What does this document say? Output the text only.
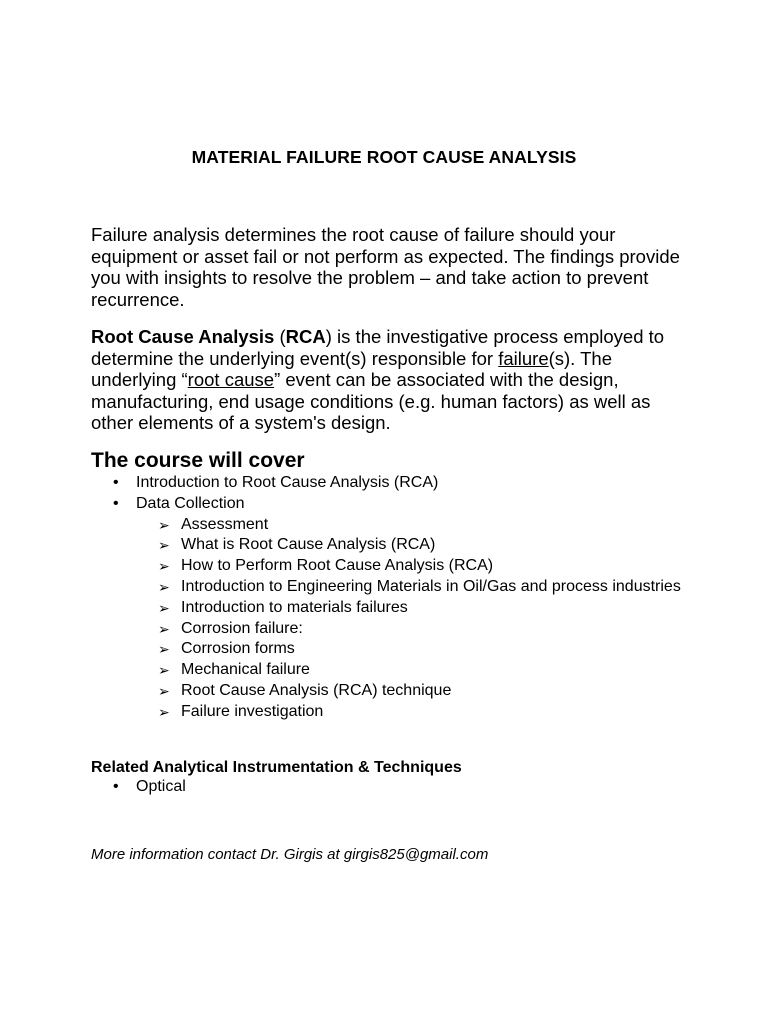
MATERIAL FAILURE ROOT CAUSE ANALYSIS
Failure analysis determines the root cause of failure should your equipment or asset fail or not perform as expected. The findings provide you with insights to resolve the problem – and take action to prevent recurrence.
Root Cause Analysis (RCA) is the investigative process employed to determine the underlying event(s) responsible for failure(s). The underlying “root cause” event can be associated with the design, manufacturing, end usage conditions (e.g. human factors) as well as other elements of a system's design.
The course will cover
• Introduction to Root Cause Analysis (RCA)
• Data Collection
➢ Assessment
➢ What is Root Cause Analysis (RCA)
➢ How to Perform Root Cause Analysis (RCA)
➢ Introduction to Engineering Materials in Oil/Gas and process industries
➢ Introduction to materials failures
➢ Corrosion failure:
➢ Corrosion forms
➢ Mechanical failure
➢ Root Cause Analysis (RCA) technique
➢ Failure investigation
Related Analytical Instrumentation & Techniques
• Optical
More information contact Dr. Girgis at girgis825@gmail.com
